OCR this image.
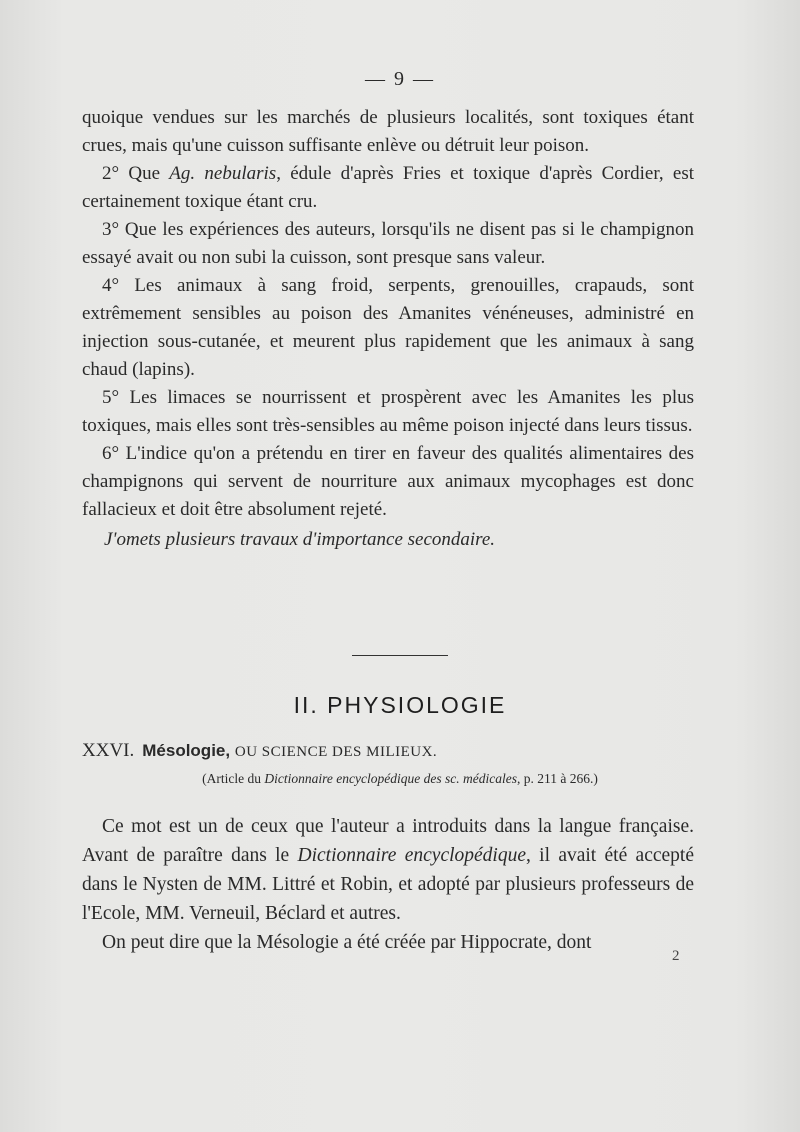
— 9 —

quoique vendues sur les marchés de plusieurs localités, sont toxiques étant crues, mais qu'une cuisson suffisante enlève ou détruit leur poison.

2° Que Ag. nebularis, édule d'après Fries et toxique d'après Cordier, est certainement toxique étant cru.

3° Que les expériences des auteurs, lorsqu'ils ne disent pas si le champignon essayé avait ou non subi la cuisson, sont presque sans valeur.

4° Les animaux à sang froid, serpents, grenouilles, crapauds, sont extrêmement sensibles au poison des Amanites vénéneuses, administré en injection sous-cutanée, et meurent plus rapidement que les animaux à sang chaud (lapins).

5° Les limaces se nourrissent et prospèrent avec les Amanites les plus toxiques, mais elles sont très-sensibles au même poison injecté dans leurs tissus.

6° L'indice qu'on a prétendu en tirer en faveur des qualités alimentaires des champignons qui servent de nourriture aux animaux mycophages est donc fallacieux et doit être absolument rejeté.

J'omets plusieurs travaux d'importance secondaire.

II. PHYSIOLOGIE
XXVI. Mésologie, OU SCIENCE DES MILIEUX.
(Article du Dictionnaire encyclopédique des sc. médicales, p. 211 à 266.)

Ce mot est un de ceux que l'auteur a introduits dans la langue française. Avant de paraître dans le Dictionnaire encyclopédique, il avait été accepté dans le Nysten de MM. Littré et Robin, et adopté par plusieurs professeurs de l'Ecole, MM. Verneuil, Béclard et autres.

On peut dire que la Mésologie a été créée par Hippocrate, dont

2
